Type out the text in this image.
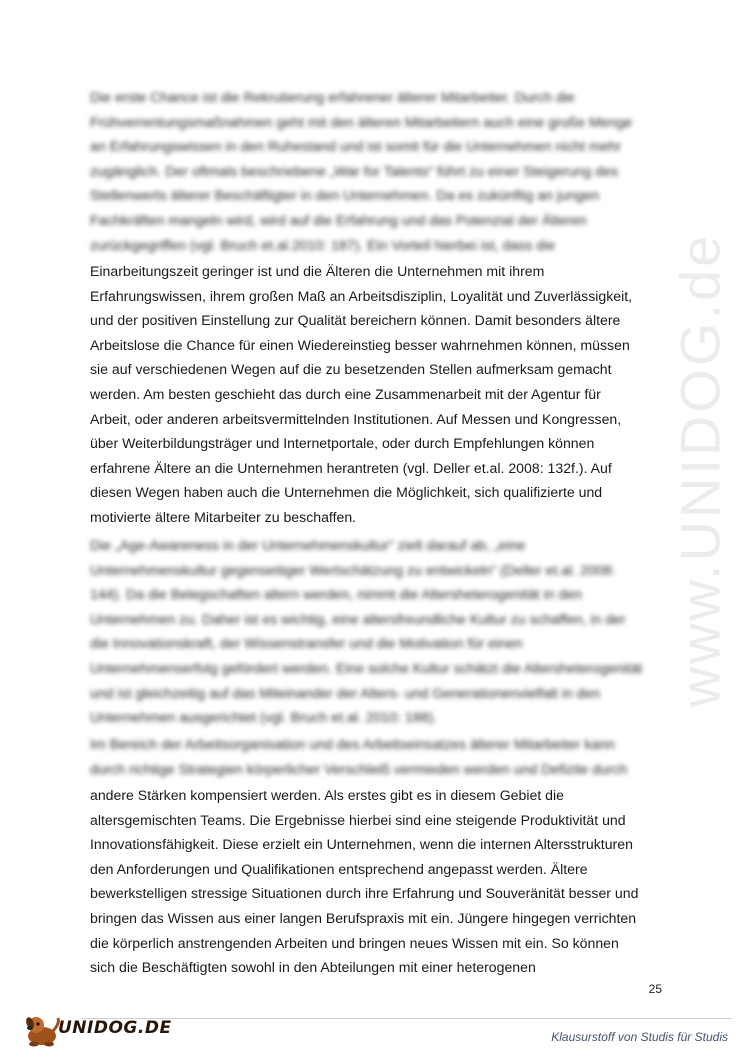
www.UNIDOG.de
Die erste Chance ist die Rekrutierung erfahrener älterer Mitarbeiter. Durch die
Frühverrentungsmaßnahmen geht mit den älteren Mitarbeitern auch eine große Menge
an Erfahrungswissen in den Ruhestand und ist somit für die Unternehmen nicht mehr
zugänglich. Der oftmals beschriebene „War for Talents“ führt zu einer Steigerung des
Stellenwerts älterer Beschäftigter in den Unternehmen. Da es zukünftig an jungen
Fachkräften mangeln wird, wird auf die Erfahrung und das Potenzial der Älteren
zurückgegriffen (vgl. Bruch et.al.2010: 187). Ein Vorteil hierbei ist, dass die
Einarbeitungszeit geringer ist und die Älteren die Unternehmen mit ihrem
Erfahrungswissen, ihrem großen Maß an Arbeitsdisziplin, Loyalität und Zuverlässigkeit,
und der positiven Einstellung zur Qualität bereichern können. Damit besonders ältere
Arbeitslose die Chance für einen Wiedereinstieg besser wahrnehmen können, müssen
sie auf verschiedenen Wegen auf die zu besetzenden Stellen aufmerksam gemacht
werden. Am besten geschieht das durch eine Zusammenarbeit mit der Agentur für
Arbeit, oder anderen arbeitsvermittelnden Institutionen. Auf Messen und Kongressen,
über Weiterbildungsträger und Internetportale, oder durch Empfehlungen können
erfahrene Ältere an die Unternehmen herantreten (vgl. Deller et.al. 2008: 132f.). Auf
diesen Wegen haben auch die Unternehmen die Möglichkeit, sich qualifizierte und
motivierte ältere Mitarbeiter zu beschaffen.
Die „Age-Awareness in der Unternehmenskultur“ zielt darauf ab, „eine
Unternehmenskultur gegenseitiger Wertschätzung zu entwickeln“ (Deller et.al. 2008:
144). Da die Belegschaften altern werden, nimmt die Altersheterogenität in den
Unternehmen zu. Daher ist es wichtig, eine altersfreundliche Kultur zu schaffen, in der
die Innovationskraft, der Wissenstransfer und die Motivation für einen
Unternehmenserfolg gefördert werden. Eine solche Kultur schätzt die Altersheterogenität
und ist gleichzeitig auf das Miteinander der Alters- und Generationenvielfalt in den
Unternehmen ausgerichtet (vgl. Bruch et.al. 2010: 188).
Im Bereich der Arbeitsorganisation und des Arbeitseinsatzes älterer Mitarbeiter kann
durch richtige Strategien körperlicher Verschleiß vermieden werden und Defizite durch
andere Stärken kompensiert werden. Als erstes gibt es in diesem Gebiet die
altersgemischten Teams. Die Ergebnisse hierbei sind eine steigende Produktivität und
Innovationsfähigkeit. Diese erzielt ein Unternehmen, wenn die internen Altersstrukturen
den Anforderungen und Qualifikationen entsprechend angepasst werden. Ältere
bewerkstelligen stressige Situationen durch ihre Erfahrung und Souveränität besser und
bringen das Wissen aus einer langen Berufspraxis mit ein. Jüngere hingegen verrichten
die körperlich anstrengenden Arbeiten und bringen neues Wissen mit ein. So können
sich die Beschäftigten sowohl in den Abteilungen mit einer heterogenen
25
UNIDOG.DE	Klausurstoff von Studis für Studis
